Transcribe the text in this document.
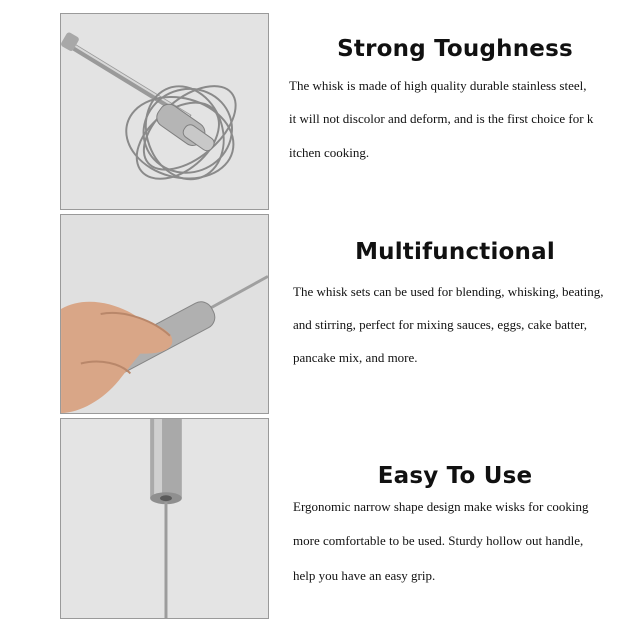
Strong Toughness

The whisk is made of high quality durable stainless steel,

it will not discolor and deform, and is the first choice for k

itchen cooking.

Multifunctional

The whisk sets can be used for blending, whisking, beating,

and stirring, perfect for mixing sauces, eggs, cake batter,

pancake mix, and more.

Easy To Use

Ergonomic narrow shape design make wisks for cooking

more comfortable to be used. Sturdy hollow out handle,

help you have an easy grip.
